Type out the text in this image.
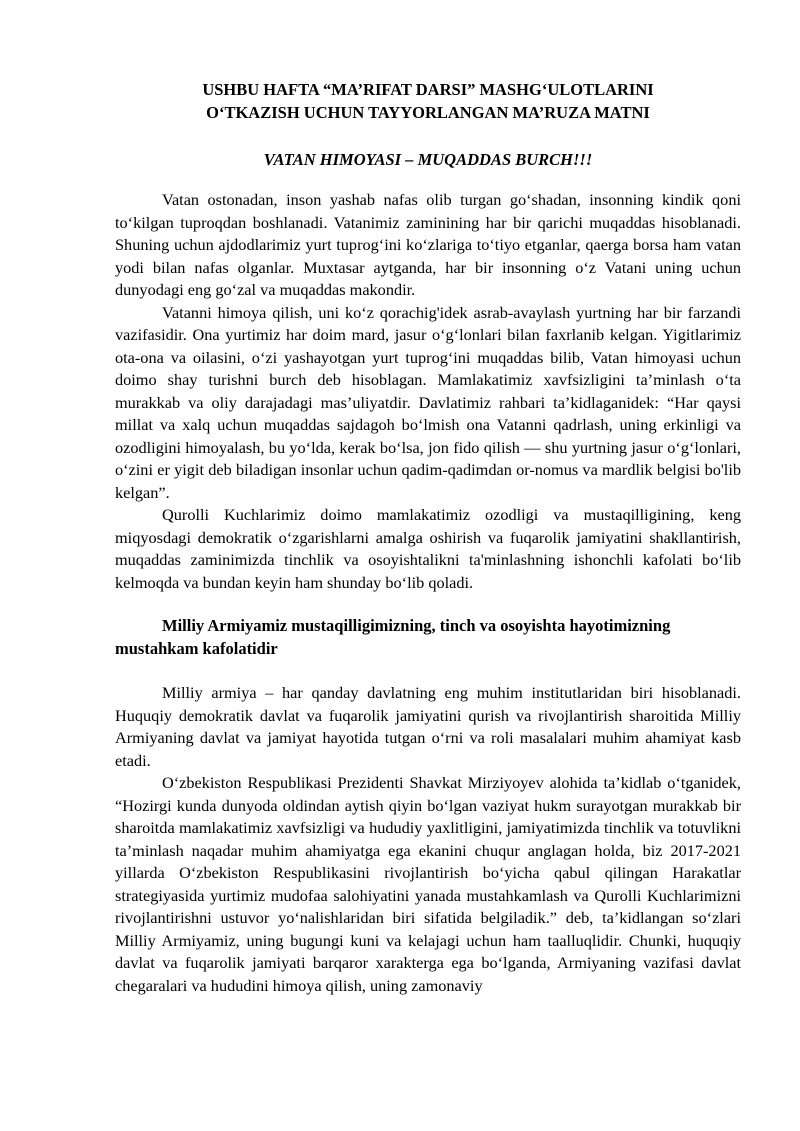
USHBU HAFTA “MA’RIFAT DARSI” MASHG‘ULOTLARINI
O‘TKAZISH UCHUN TAYYORLANGAN MA’RUZA MATNI

VATAN HIMOYASI – MUQADDAS BURCH!!!

Vatan ostonadan, inson yashab nafas olib turgan go‘shadan, insonning kindik qoni to‘kilgan tuproqdan boshlanadi. Vatanimiz zaminining har bir qarichi muqaddas hisoblanadi. Shuning uchun ajdodlarimiz yurt tuprog‘ini ko‘zlariga to‘tiyo etganlar, qaerga borsa ham vatan yodi bilan nafas olganlar. Muxtasar aytganda, har bir insonning o‘z Vatani uning uchun dunyodagi eng go‘zal va muqaddas makondir.

Vatanni himoya qilish, uni ko‘z qorachig'idek asrab-avaylash yurtning har bir farzandi vazifasidir. Ona yurtimiz har doim mard, jasur o‘g‘lonlari bilan faxrlanib kelgan. Yigitlarimiz ota-ona va oilasini, o‘zi yashayotgan yurt tuprog‘ini muqaddas bilib, Vatan himoyasi uchun doimo shay turishni burch deb hisoblagan. Mamlakatimiz xavfsizligini ta’minlash o‘ta murakkab va oliy darajadagi mas’uliyatdir. Davlatimiz rahbari ta’kidlaganidek: “Har qaysi millat va xalq uchun muqaddas sajdagoh bo‘lmish ona Vatanni qadrlash, uning erkinligi va ozodligini himoyalash, bu yo‘lda, kerak bo‘lsa, jon fido qilish — shu yurtning jasur o‘g‘lonlari, o‘zini er yigit deb biladigan insonlar uchun qadim-qadimdan or-nomus va mardlik belgisi bo'lib kelgan”.

Qurolli Kuchlarimiz doimo mamlakatimiz ozodligi va mustaqilligining, keng miqyosdagi demokratik o‘zgarishlarni amalga oshirish va fuqarolik jamiyatini shakllantirish, muqaddas zaminimizda tinchlik va osoyishtalikni ta'minlashning ishonchli kafolati bo‘lib kelmoqda va bundan keyin ham shunday bo‘lib qoladi.

Milliy Armiyamiz mustaqilligimizning, tinch va osoyishta hayotimizning mustahkam kafolatidir

Milliy armiya – har qanday davlatning eng muhim institutlaridan biri hisoblanadi. Huquqiy demokratik davlat va fuqarolik jamiyatini qurish va rivojlantirish sharoitida Milliy Armiyaning davlat va jamiyat hayotida tutgan o‘rni va roli masalalari muhim ahamiyat kasb etadi.

O‘zbekiston Respublikasi Prezidenti Shavkat Mirziyoyev alohida ta’kidlab o‘tganidek, “Hozirgi kunda dunyoda oldindan aytish qiyin bo‘lgan vaziyat hukm surayotgan murakkab bir sharoitda mamlakatimiz xavfsizligi va hududiy yaxlitligini, jamiyatimizda tinchlik va totuvlikni ta’minlash naqadar muhim ahamiyatga ega ekanini chuqur anglagan holda, biz 2017-2021 yillarda O‘zbekiston Respublikasini rivojlantirish bo‘yicha qabul qilingan Harakatlar strategiyasida yurtimiz mudofaa salohiyatini yanada mustahkamlash va Qurolli Kuchlarimizni rivojlantirishni ustuvor yo‘nalishlaridan biri sifatida belgiladik.” deb, ta’kidlangan so‘zlari Milliy Armiyamiz, uning bugungi kuni va kelajagi uchun ham taalluqlidir. Chunki, huquqiy davlat va fuqarolik jamiyati barqaror xarakterga ega bo‘lganda, Armiyaning vazifasi davlat chegaralari va hududini himoya qilish, uning zamonaviy
